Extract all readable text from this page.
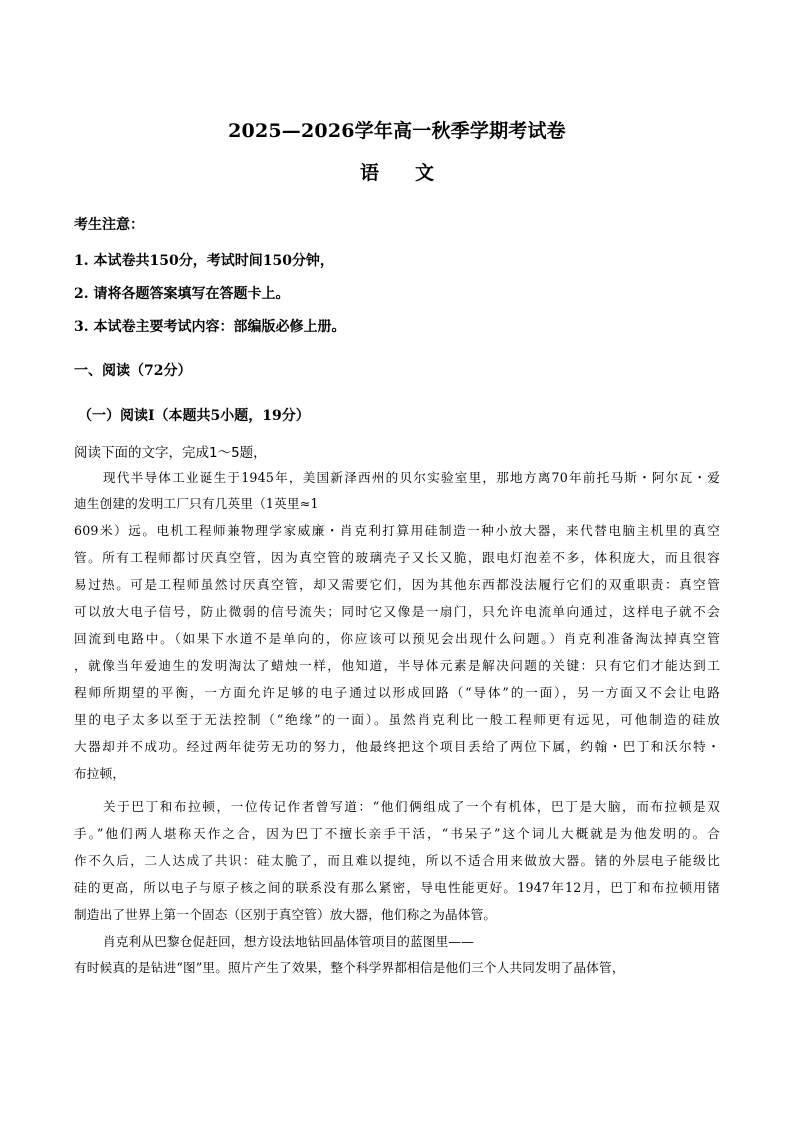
2025—2026学年高一秋季学期考试卷
语 文
考生注意：
1. 本试卷共150分，考试时间150分钟，
2. 请将各题答案填写在答题卡上。
3. 本试卷主要考试内容：部编版必修上册。
一、阅读（72分）
（一）阅读Ⅰ（本题共5小题，19分）
阅读下面的文字，完成1～5题，
现代半导体工业诞生于1945年，美国新泽西州的贝尔实验室里，那地方离70年前托马斯・阿尔瓦・爱
迪生创建的发明工厂只有几英里（1英里≈1
609米）远。电机工程师兼物理学家威廉・肖克利打算用硅制造一种小放大器，来代替电脑主机里的真空
管。所有工程师都讨厌真空管，因为真空管的玻璃壳子又长又脆，跟电灯泡差不多，体积庞大，而且很容
易过热。可是工程师虽然讨厌真空管，却又需要它们，因为其他东西都没法履行它们的双重职责：真空管
可以放大电子信号，防止微弱的信号流失；同时它又像是一扇门，只允许电流单向通过，这样电子就不会
回流到电路中。（如果下水道不是单向的，你应该可以预见会出现什么问题。）肖克利准备淘汰掉真空管
，就像当年爱迪生的发明淘汰了蜡烛一样，他知道，半导体元素是解决问题的关键：只有它们才能达到工
程师所期望的平衡，一方面允许足够的电子通过以形成回路（“导体”的一面），另一方面又不会让电路
里的电子太多以至于无法控制（“绝缘”的一面）。虽然肖克利比一般工程师更有远见，可他制造的硅放
大器却并不成功。经过两年徒劳无功的努力，他最终把这个项目丢给了两位下属，约翰・巴丁和沃尔特・
布拉顿，
关于巴丁和布拉顿，一位传记作者曾写道：“他们俩组成了一个有机体，巴丁是大脑，而布拉顿是双
手。”他们两人堪称天作之合，因为巴丁不擅长亲手干活，“书呆子”这个词儿大概就是为他发明的。合
作不久后，二人达成了共识：硅太脆了，而且难以提纯，所以不适合用来做放大器。锗的外层电子能级比
硅的更高，所以电子与原子核之间的联系没有那么紧密，导电性能更好。1947年12月，巴丁和布拉顿用锗
制造出了世界上第一个固态（区别于真空管）放大器，他们称之为晶体管。
肖克利从巴黎仓促赶回，想方设法地钻回晶体管项目的蓝图里——
有时候真的是钻进“图”里。照片产生了效果，整个科学界都相信是他们三个人共同发明了晶体管，
